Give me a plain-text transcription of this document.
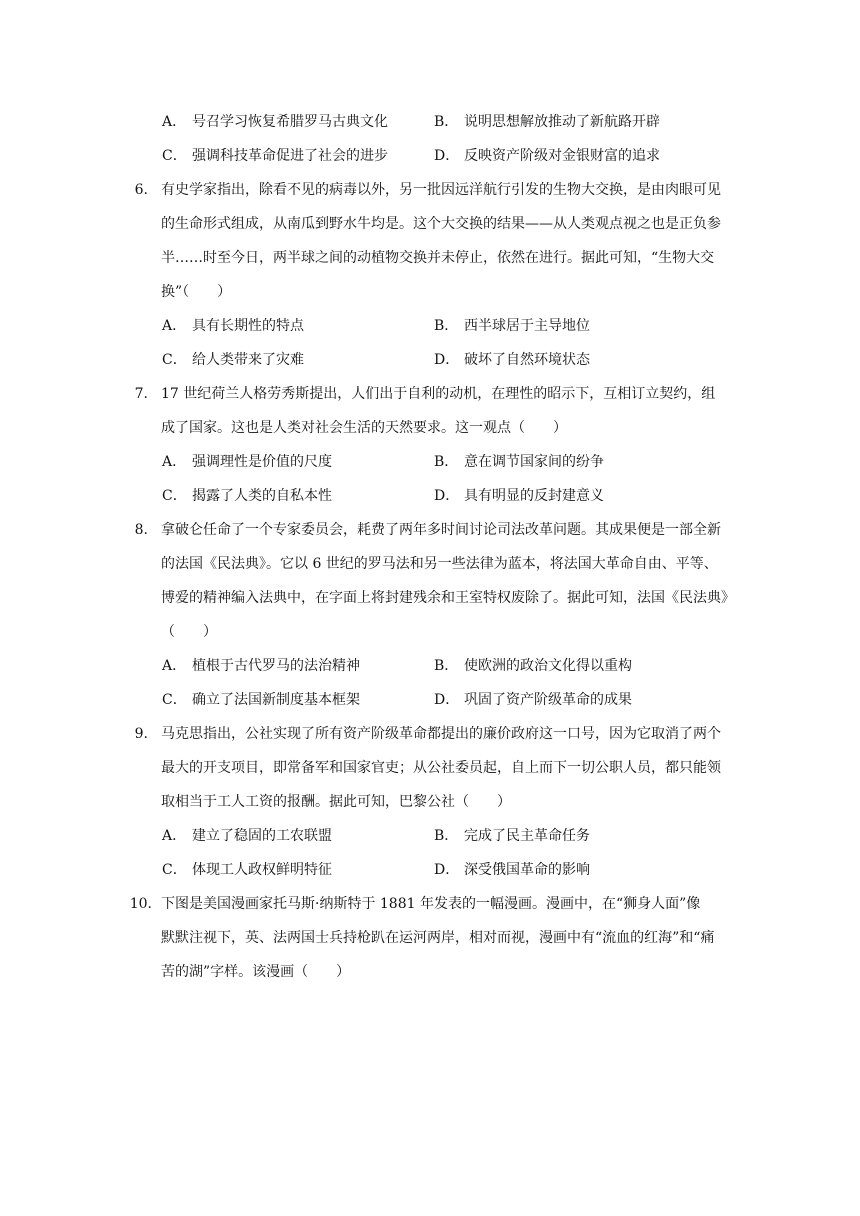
A． 号召学习恢复希腊罗马古典文化	B． 说明思想解放推动了新航路开辟
C． 强调科技革命促进了社会的进步	D． 反映资产阶级对金银财富的追求
6. 有史学家指出，除看不见的病毒以外，另一批因远洋航行引发的生物大交换，是由肉眼可见
的生命形式组成，从南瓜到野水牛均是。这个大交换的结果——从人类观点视之也是正负参
半……时至今日，两半球之间的动植物交换并未停止，依然在进行。据此可知，“生物大交
换”（　　）
A． 具有长期性的特点	B． 西半球居于主导地位
C． 给人类带来了灾难	D． 破坏了自然环境状态
7. 17 世纪荷兰人格劳秀斯提出，人们出于自利的动机，在理性的昭示下，互相订立契约，组
成了国家。这也是人类对社会生活的天然要求。这一观点（　　）
A． 强调理性是价值的尺度	B． 意在调节国家间的纷争
C． 揭露了人类的自私本性	D． 具有明显的反封建意义
8. 拿破仑任命了一个专家委员会，耗费了两年多时间讨论司法改革问题。其成果便是一部全新
的法国《民法典》。它以 6 世纪的罗马法和另一些法律为蓝本，将法国大革命自由、平等、
博爱的精神编入法典中，在字面上将封建残余和王室特权废除了。据此可知，法国《民法典》
（　　）
A． 植根于古代罗马的法治精神	B． 使欧洲的政治文化得以重构
C． 确立了法国新制度基本框架	D． 巩固了资产阶级革命的成果
9. 马克思指出，公社实现了所有资产阶级革命都提出的廉价政府这一口号，因为它取消了两个
最大的开支项目，即常备军和国家官吏；从公社委员起，自上而下一切公职人员，都只能领
取相当于工人工资的报酬。据此可知，巴黎公社（　　）
A． 建立了稳固的工农联盟	B． 完成了民主革命任务
C． 体现工人政权鲜明特征	D． 深受俄国革命的影响
10. 下图是美国漫画家托马斯·纳斯特于 1881 年发表的一幅漫画。漫画中，在“狮身人面”像
默默注视下，英、法两国士兵持枪趴在运河两岸，相对而视，漫画中有“流血的红海”和“痛
苦的湖”字样。该漫画（　　）
